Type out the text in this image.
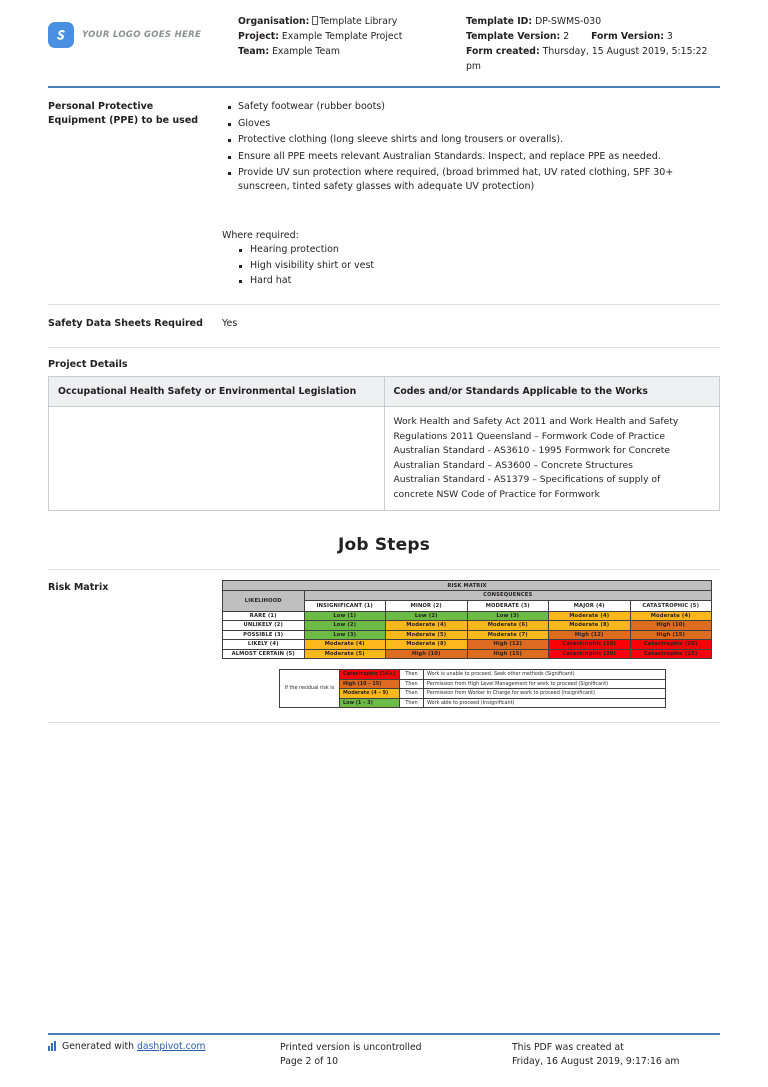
YOUR LOGO GOES HERE
Organisation: Template Library
Project: Example Template Project
Team: Example Team
Template ID: DP-SWMS-030
Template Version: 2 Form Version: 3
Form created: Thursday, 15 August 2019, 5:15:22 pm
Personal Protective Equipment (PPE) to be used
Safety footwear (rubber boots)
Gloves
Protective clothing (long sleeve shirts and long trousers or overalls).
Ensure all PPE meets relevant Australian Standards. Inspect, and replace PPE as needed.
Provide UV sun protection where required, (broad brimmed hat, UV rated clothing, SPF 30+ sunscreen, tinted safety glasses with adequate UV protection)
Where required:
Hearing protection
High visibility shirt or vest
Hard hat
Safety Data Sheets Required	Yes
Project Details
Occupational Health Safety or Environmental Legislation	Codes and/or Standards Applicable to the Works

Work Health and Safety Act 2011 and Work Health and Safety
Regulations 2011 Queensland – Formwork Code of Practice
Australian Standard - AS3610 - 1995 Formwork for Concrete
Australian Standard – AS3600 – Concrete Structures
Australian Standard - AS1379 – Specifications of supply of
concrete NSW Code of Practice for Formwork
Job Steps
Risk Matrix	RISK MATRIX					
LIKELIHOOD	CONSEQUENCES				
	INSIGNIFICANT (1)	MINOR (2)	MODERATE (3)	MAJOR (4)	CATASTROPHIC (5)
RARE (1)	Low (1)	Low (2)	Low (3)	Moderate (4)	Moderate (4)
UNLIKELY (2)	Low (2)	Moderate (4)	Moderate (6)	Moderate (8)	High (10)
POSSIBLE (3)	Low (3)	Moderate (5)	Moderate (7)	High (12)	High (15)
LIKELY (4)	Moderate (4)	Moderate (8)	High (12)	Catastrophic (16)	Catastrophic (20)
ALMOST CERTAIN (5)	Moderate (5)	High (10)	High (15)	Catastrophic (20)	Catastrophic (25)
If the residual risk is	Catastrophic (16+)	Then	Work is unable to proceed. Seek other methods (Significant)
	High (10 – 15)	Then	Permission from High Level Management for work to proceed (Significant)
	Moderate (4 – 9)	Then	Permission from Worker In Charge for work to proceed (Insignificant)
	Low (1 – 3)	Then	Work able to proceed (Insignificant)
Generated with dashpivot.com	Printed version is uncontrolled
Page 2 of 10
This PDF was created at
Friday, 16 August 2019, 9:17:16 am
